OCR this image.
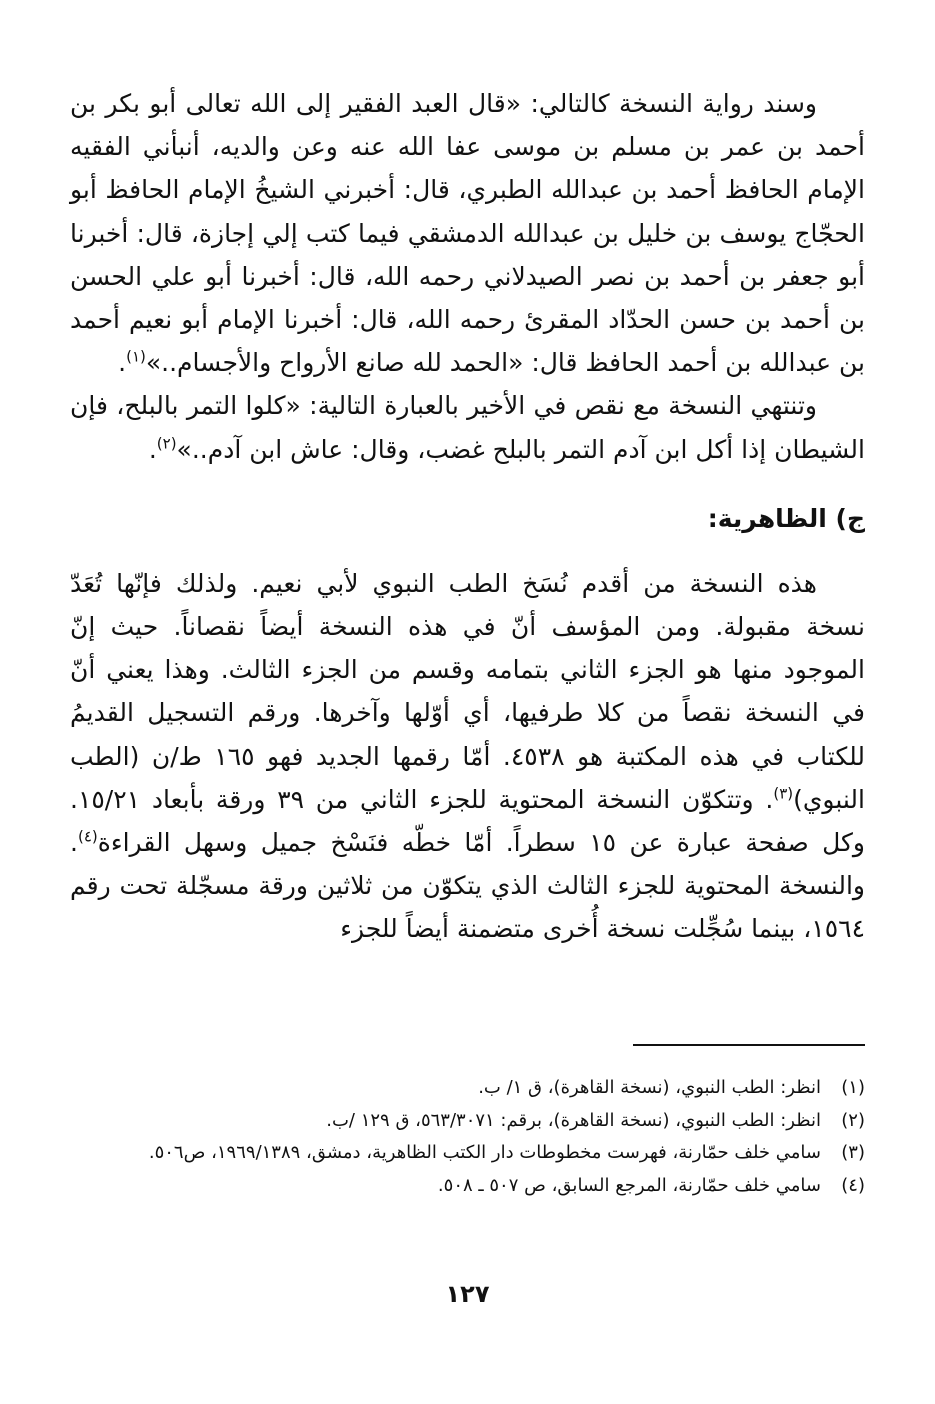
وسند رواية النسخة كالتالي: «قال العبد الفقير إلى الله تعالى أبو بكر بن أحمد بن عمر بن مسلم بن موسى عفا الله عنه وعن والديه، أنبأني الفقيه الإمام الحافظ أحمد بن عبدالله الطبري، قال: أخبرني الشيخُ الإمام الحافظ أبو الحجّاج يوسف بن خليل بن عبدالله الدمشقي فيما كتب إلي إجازة، قال: أخبرنا أبو جعفر بن أحمد بن نصر الصيدلاني رحمه الله، قال: أخبرنا أبو علي الحسن بن أحمد بن حسن الحدّاد المقرئ رحمه الله، قال: أخبرنا الإمام أبو نعيم أحمد بن عبدالله بن أحمد الحافظ قال: «الحمد لله صانع الأرواح والأجسام..»$^{(١)}$.

وتنتهي النسخة مع نقص في الأخير بالعبارة التالية: «كلوا التمر بالبلح، فإن الشيطان إذا أكل ابن آدم التمر بالبلح غضب، وقال: عاش ابن آدم..»$^{(٢)}$.

ج) الظاهرية:

هذه النسخة من أقدم نُسَخ الطب النبوي لأبي نعيم. ولذلك فإنّها تُعَدّ نسخة مقبولة. ومن المؤسف أنّ في هذه النسخة أيضاً نقصاناً. حيث إنّ الموجود منها هو الجزء الثاني بتمامه وقسم من الجزء الثالث. وهذا يعني أنّ في النسخة نقصاً من كلا طرفيها، أي أوّلها وآخرها. ورقم التسجيل القديمُ للكتاب في هذه المكتبة هو ٤٥٣٨. أمّا رقمها الجديد فهو ١٦٥ ط/ن (الطب النبوي)$^{(٣)}$. وتتكوّن النسخة المحتوية للجزء الثاني من ٣٩ ورقة بأبعاد ١٥/٢١. وكل صفحة عبارة عن ١٥ سطراً. أمّا خطّه فنَسْخ جميل وسهل القراءة$^{(٤)}$. والنسخة المحتوية للجزء الثالث الذي يتكوّن من ثلاثين ورقة مسجّلة تحت رقم ١٥٦٤، بينما سُجِّلت نسخة أُخرى متضمنة أيضاً للجزء

(١)
انظر: الطب النبوي، (نسخة القاهرة)، ق ١/ ب.
(٢)
انظر: الطب النبوي، (نسخة القاهرة)، برقم: ٥٦٣/٣٠٧١، ق ١٢٩ /ب.
(٣)
سامي خلف حمّارنة، فهرست مخطوطات دار الكتب الظاهرية، دمشق، ١٩٦٩/١٣٨٩، ص٥٠٦.
(٤)
سامي خلف حمّارنة، المرجع السابق، ص ٥٠٧ ـ ٥٠٨.
١٢٧
